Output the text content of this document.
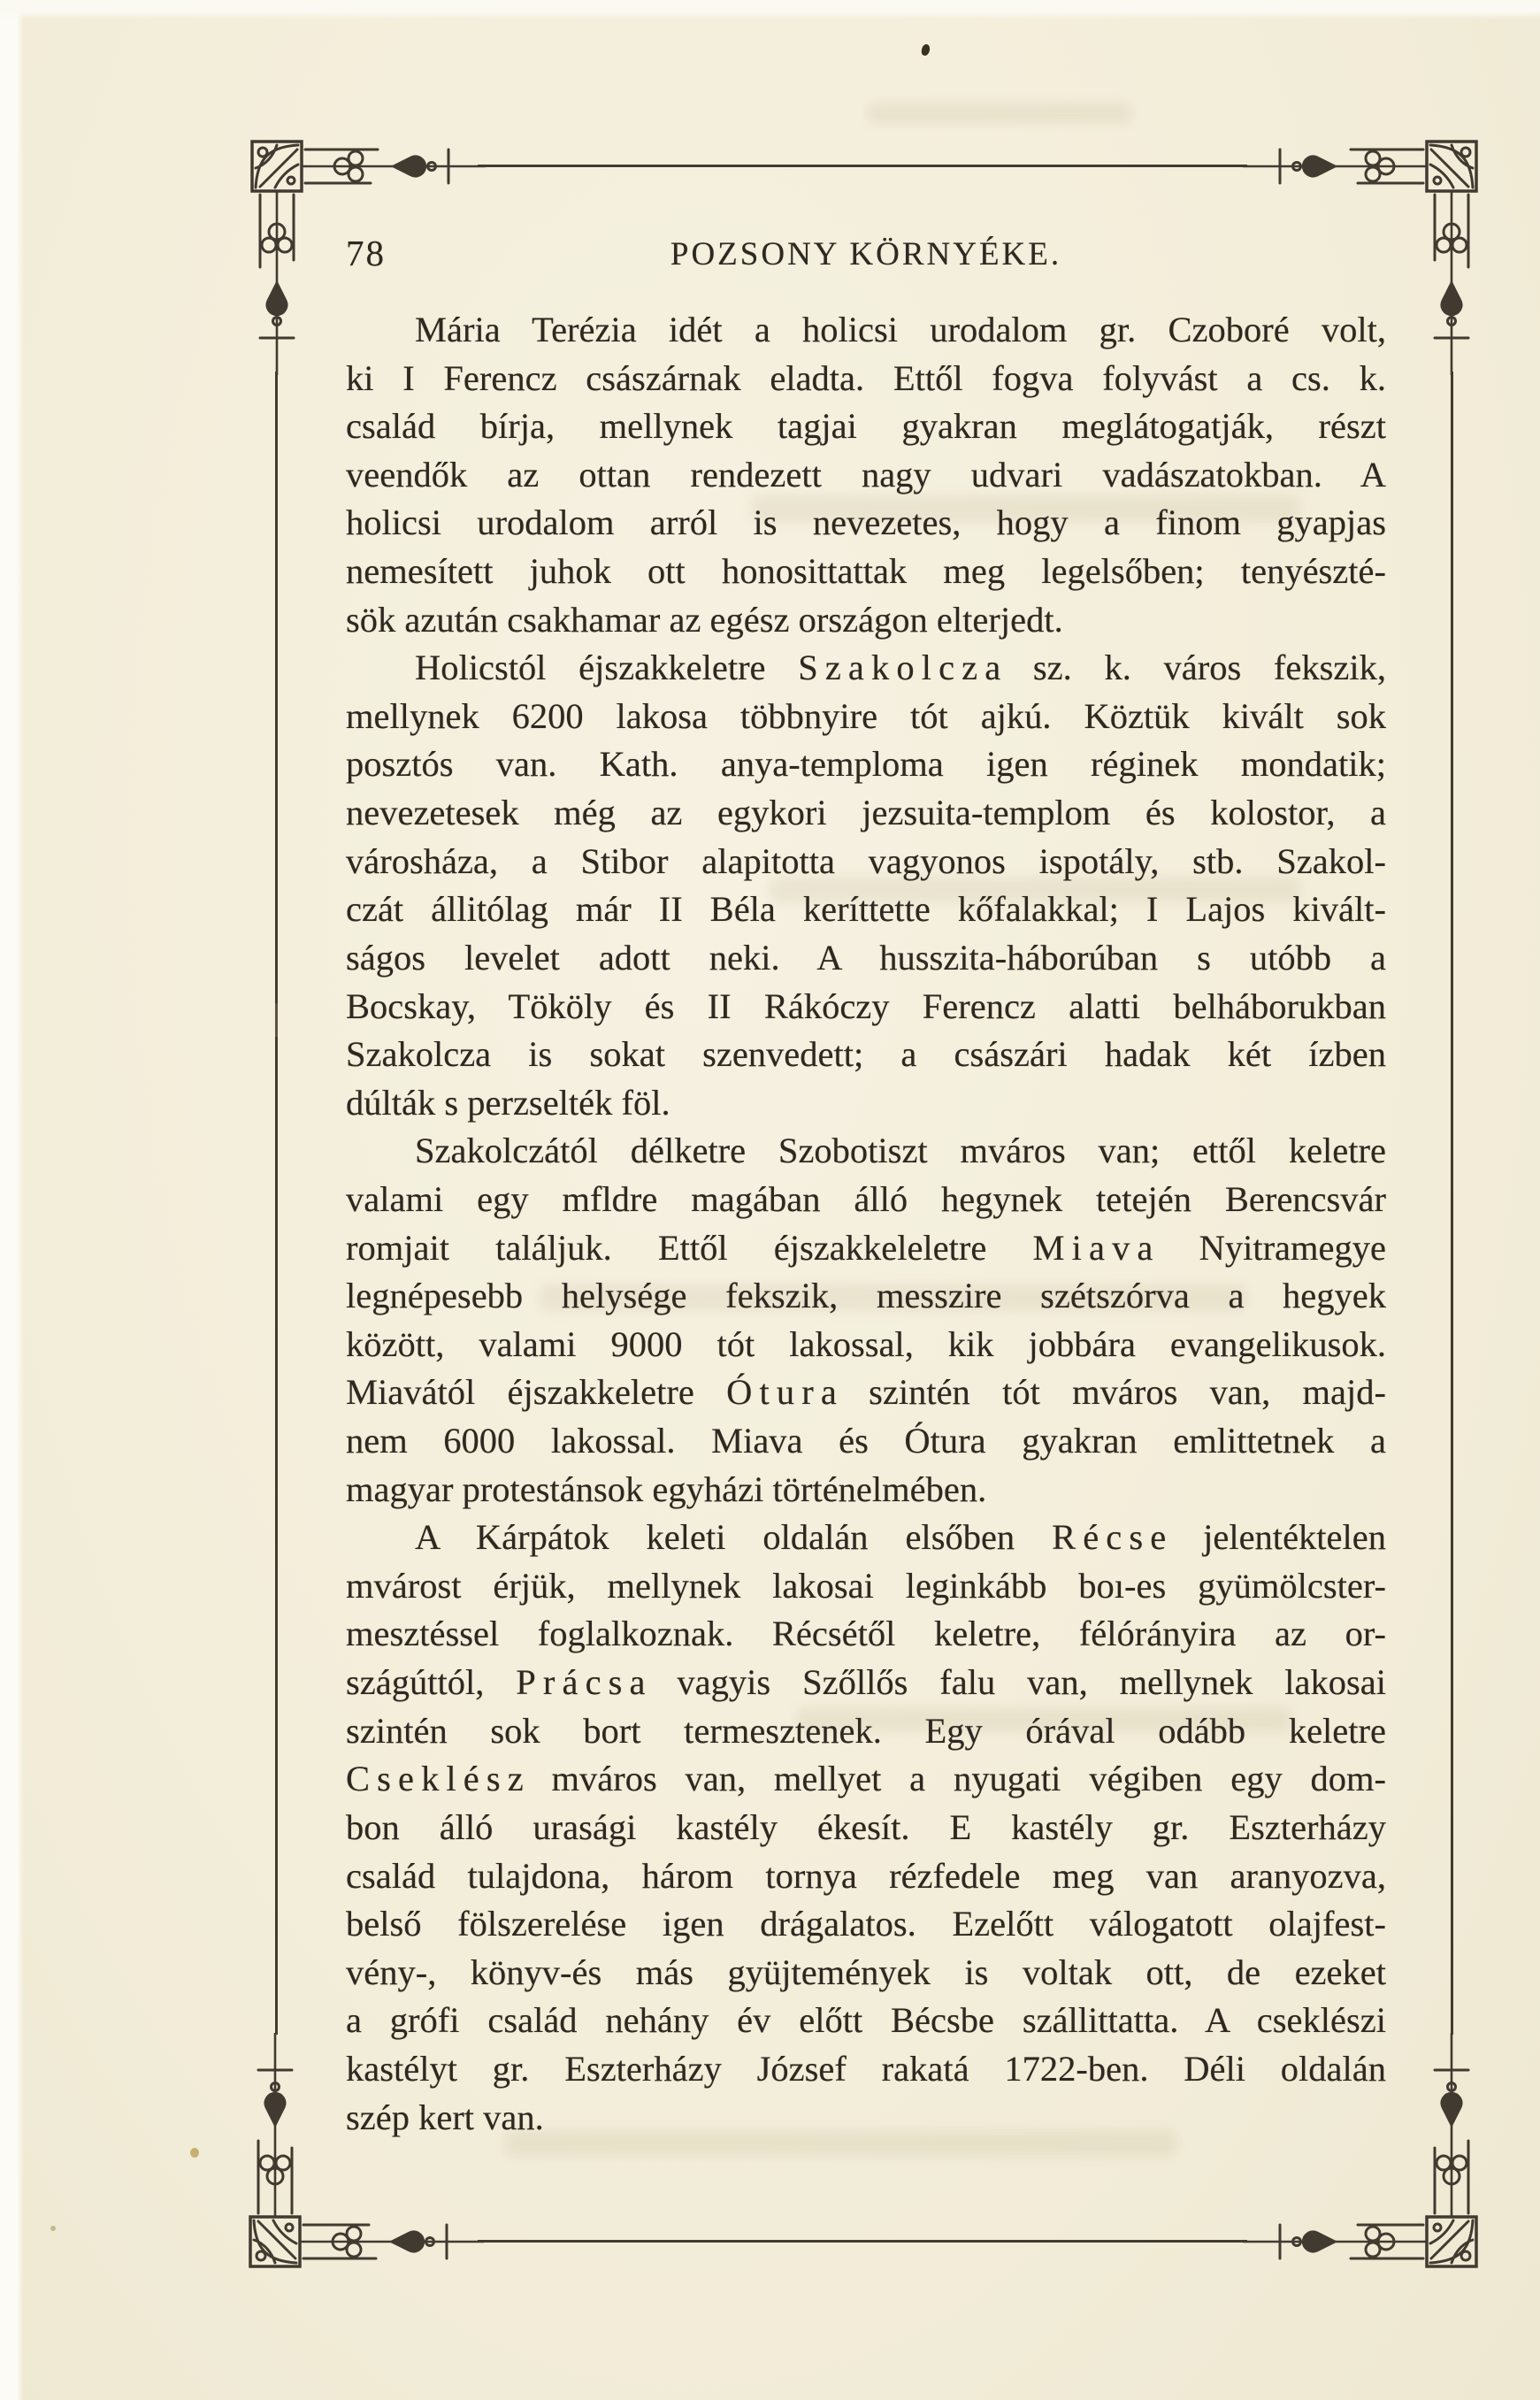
78	POZSONY KÖRNYÉKE.
Mária Terézia idét a holicsi urodalom gr. Czoboré volt,
ki I Ferencz császárnak eladta. Ettől fogva folyvást a cs. k.
család bírja, mellynek tagjai gyakran meglátogatják, részt
veendők az ottan rendezett nagy udvari vadászatokban. A
holicsi urodalom arról is nevezetes, hogy a finom gyapjas
nemesített juhok ott honosittattak meg legelsőben; tenyészté-
sök azután csakhamar az egész országon elterjedt.
Holicstól éjszakkeletre S z a k o l c z a sz. k. város fekszik,
mellynek 6200 lakosa többnyire tót ajkú. Köztük kivált sok
posztós van. Kath. anya-temploma igen réginek mondatik;
nevezetesek még az egykori jezsuita-templom és kolostor, a
városháza, a Stibor alapitotta vagyonos ispotály, stb. Szakol-
czát állitólag már II Béla keríttette kőfalakkal; I Lajos kivált-
ságos levelet adott neki. A husszita-háborúban s utóbb a
Bocskay, Tököly és II Rákóczy Ferencz alatti belháborukban
Szakolcza is sokat szenvedett; a császári hadak két ízben
dúlták s perzselték föl.
Szakolczától délketre Szobotiszt mváros van; ettől keletre
valami egy mfldre magában álló hegynek tetején Berencsvár
romjait találjuk. Ettől éjszakkeleletre M i a v a Nyitramegye
legnépesebb helysége fekszik, messzire szétszórva a hegyek
között, valami 9000 tót lakossal, kik jobbára evangelikusok.
Miavától éjszakkeletre Ó t u r a szintén tót mváros van, majd-
nem 6000 lakossal. Miava és Ótura gyakran emlittetnek a
magyar protestánsok egyházi történelmében.
A Kárpátok keleti oldalán elsőben R é c s e jelentéktelen
mvárost érjük, mellynek lakosai leginkább boı-es gyümölcster-
mesztéssel foglalkoznak. Récsétől keletre, félórányira az or-
szágúttól, P r á c s a vagyis Szőllős falu van, mellynek lakosai
szintén sok bort termesztenek. Egy órával odább keletre
C s e k l é s z mváros van, mellyet a nyugati végiben egy dom-
bon álló urasági kastély ékesít. E kastély gr. Eszterházy
család tulajdona, három tornya rézfedele meg van aranyozva,
belső fölszerelése igen drágalatos. Ezelőtt válogatott olajfest-
vény-, könyv-és más gyüjtemények is voltak ott, de ezeket
a grófi család nehány év előtt Bécsbe szállittatta. A cseklészi
kastélyt gr. Eszterházy József rakatá 1722-ben. Déli oldalán
szép kert van.
